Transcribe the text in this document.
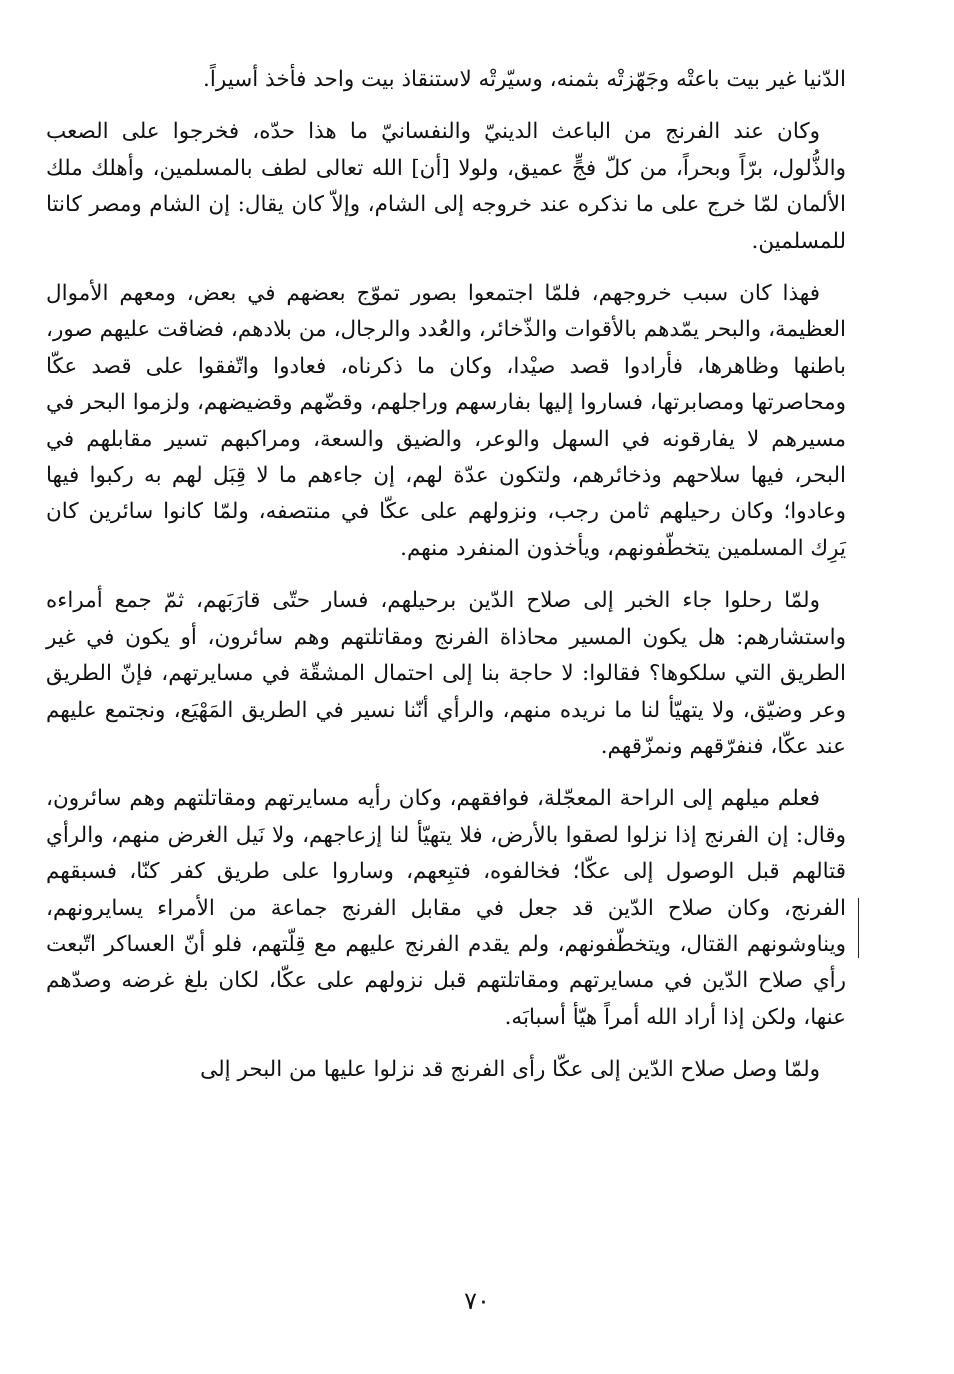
الدّنيا غير بيت باعتْه وجَهّزتْه بثمنه، وسيّرتْه لاستنقاذ بيت واحد فأخذ أسيراً.

وكان عند الفرنج من الباعث الدينيّ والنفسانيّ ما هذا حدّه، فخرجوا على الصعب والذُّلول، برّاً وبحراً، من كلّ فجٍّ عميق، ولولا [أن] الله تعالى لطف بالمسلمين، وأهلك ملك الألمان لمّا خرج على ما نذكره عند خروجه إلى الشام، وإلاّ كان يقال: إن الشام ومصر كانتا للمسلمين.

فهذا كان سبب خروجهم، فلمّا اجتمعوا بصور تموّج بعضهم في بعض، ومعهم الأموال العظيمة، والبحر يمّدهم بالأقوات والذّخائر، والعُدد والرجال، من بلادهم، فضاقت عليهم صور، باطنها وظاهرها، فأرادوا قصد صيْدا، وكان ما ذكرناه، فعادوا واتّفقوا على قصد عكّا ومحاصرتها ومصابرتها، فساروا إليها بفارسهم وراجلهم، وقضّهم وقضيضهم، ولزموا البحر في مسيرهم لا يفارقونه في السهل والوعر، والضيق والسعة، ومراكبهم تسير مقابلهم في البحر، فيها سلاحهم وذخائرهم، ولتكون عدّة لهم، إن جاءهم ما لا قِبَل لهم به ركبوا فيها وعادوا؛ وكان رحيلهم ثامن رجب، ونزولهم على عكّا في منتصفه، ولمّا كانوا سائرين كان يَرِك المسلمين يتخطّفونهم، ويأخذون المنفرد منهم.

ولمّا رحلوا جاء الخبر إلى صلاح الدّين برحيلهم، فسار حتّى قارَبَهم، ثمّ جمع أمراءه واستشارهم: هل يكون المسير محاذاة الفرنج ومقاتلتهم وهم سائرون، أو يكون في غير الطريق التي سلكوها؟ فقالوا: لا حاجة بنا إلى احتمال المشقّة في مسايرتهم، فإنّ الطريق وعر وضيّق، ولا يتهيّأ لنا ما نريده منهم، والرأي أنّنا نسير في الطريق المَهْيَع، ونجتمع عليهم عند عكّا، فنفرّقهم ونمزّقهم.

فعلم ميلهم إلى الراحة المعجّلة، فوافقهم، وكان رأيه مسايرتهم ومقاتلتهم وهم سائرون، وقال: إن الفرنج إذا نزلوا لصقوا بالأرض، فلا يتهيّأ لنا إزعاجهم، ولا نَيل الغرض منهم، والرأي قتالهم قبل الوصول إلى عكّا؛ فخالفوه، فتبِعهم، وساروا على طريق كفر كنّا، فسبقهم الفرنج، وكان صلاح الدّين قد جعل في مقابل الفرنج جماعة من الأمراء يسايرونهم، ويناوشونهم القتال، ويتخطّفونهم، ولم يقدم الفرنج عليهم مع قِلّتهم، فلو أنّ العساكر اتّبعت رأي صلاح الدّين في مسايرتهم ومقاتلتهم قبل نزولهم على عكّا، لكان بلغ غرضه وصدّهم عنها، ولكن إذا أراد الله أمراً هيّأ أسبابَه.

ولمّا وصل صلاح الدّين إلى عكّا رأى الفرنج قد نزلوا عليها من البحر إلى

٧٠
